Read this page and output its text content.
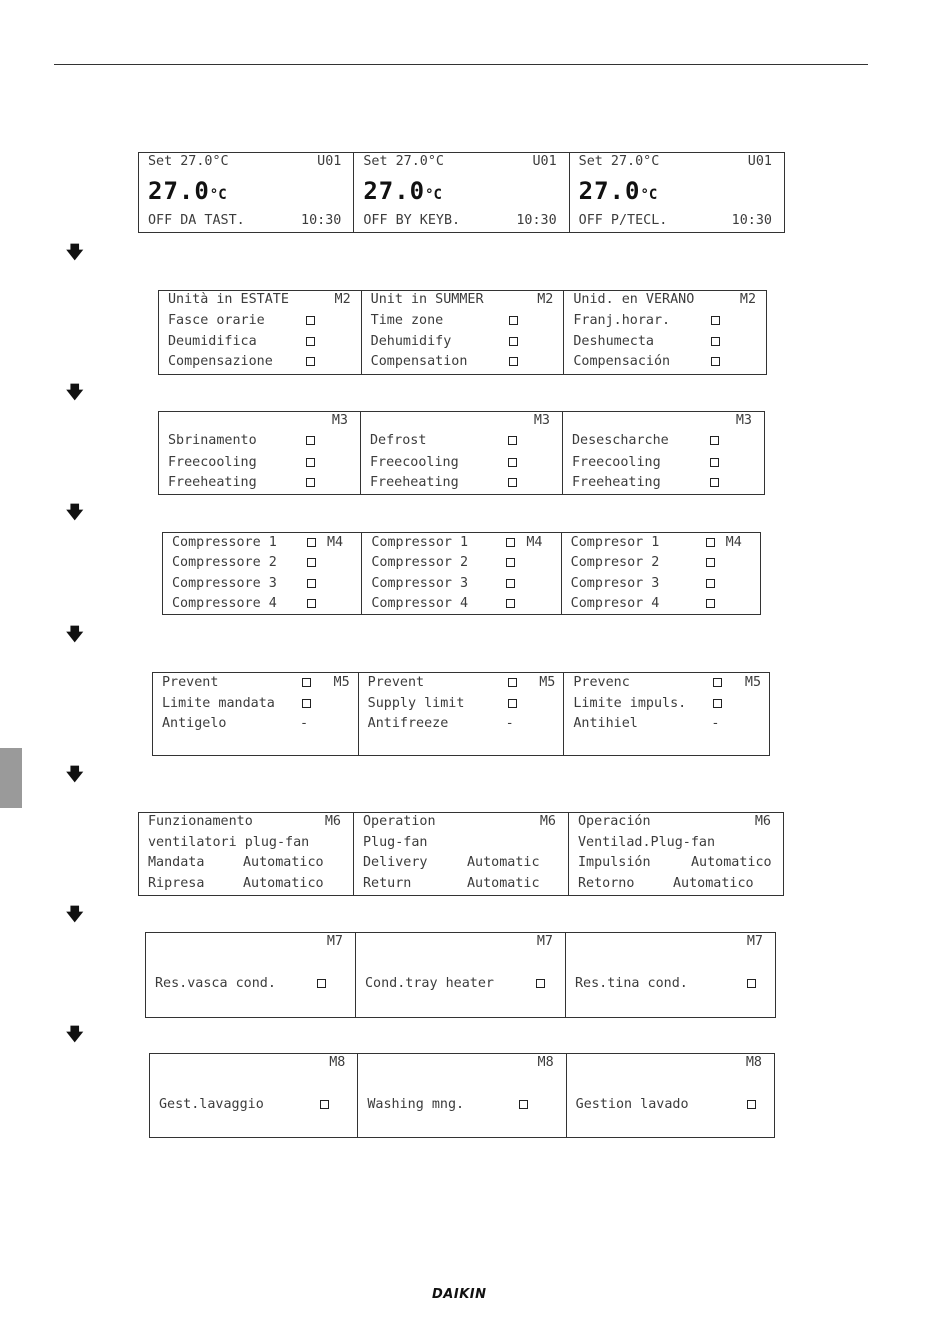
Set 27.0°C	U01
27.0°C
OFF DA TAST.	10:30
Set 27.0°C	U01
27.0°C
OFF BY KEYB.	10:30
Set 27.0°C	U01
27.0°C
OFF P/TECL.	10:30
🡇
Unità in ESTATE	M2
Fasce orarie
Deumidifica
Compensazione
Unit in SUMMER	M2
Time zone
Dehumidify
Compensation
Unid. en VERANO	M2
Franj.horar.
Deshumecta
Compensación
🡇
M3
Sbrinamento
Freecooling
Freeheating
M3
Defrost
Freecooling
Freeheating
M3
Desescharche
Freecooling
Freeheating
🡇
Compressore 1	M4
Compressore 2
Compressore 3
Compressore 4
Compressor 1	M4
Compressor 2
Compressor 3
Compressor 4
Compresor 1	M4
Compresor 2
Compresor 3
Compresor 4
🡇
Prevent	M5
Limite mandata
Antigelo	-
Prevent	M5
Supply limit
Antifreeze	-
Prevenc	M5
Limite impuls.
Antihiel	-
🡇
Funzionamento	M6
ventilatori plug-fan
Mandata	Automatico
Ripresa	Automatico
Operation	M6
Plug-fan
Delivery	Automatic
Return	Automatic
Operación	M6
Ventilad.Plug-fan
Impulsión	Automatico
Retorno	Automatico
🡇
M7
Res.vasca cond.
M7
Cond.tray heater
M7
Res.tina cond.
🡇
M8
Gest.lavaggio
M8
Washing mng.
M8
Gestion lavado
DAIKIN
